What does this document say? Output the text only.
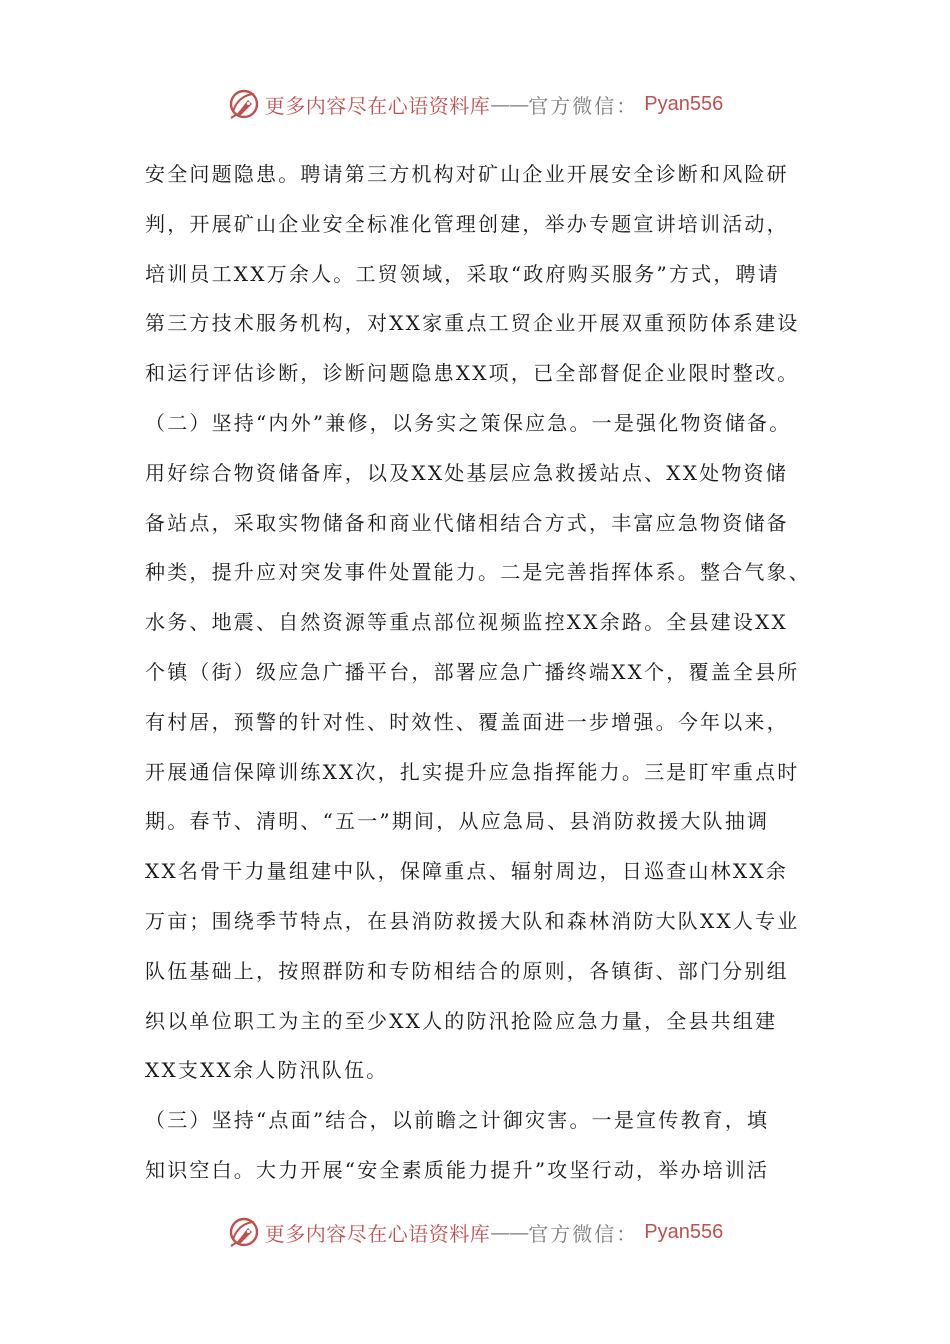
更多内容尽在心语资料库 —— 官方微信： Pyan556
安全问题隐患。聘请第三方机构对矿山企业开展安全诊断和风险研
判，开展矿山企业安全标准化管理创建，举办专题宣讲培训活动，
培训员工XX万余人。工贸领域，采取“政府购买服务”方式，聘请
第三方技术服务机构，对XX家重点工贸企业开展双重预防体系建设
和运行评估诊断，诊断问题隐患XX项，已全部督促企业限时整改。
（二）坚持“内外”兼修，以务实之策保应急。一是强化物资储备。
用好综合物资储备库，以及XX处基层应急救援站点、XX处物资储
备站点，采取实物储备和商业代储相结合方式，丰富应急物资储备
种类，提升应对突发事件处置能力。二是完善指挥体系。整合气象、
水务、地震、自然资源等重点部位视频监控XX余路。全县建设XX
个镇（街）级应急广播平台，部署应急广播终端XX个，覆盖全县所
有村居，预警的针对性、时效性、覆盖面进一步增强。今年以来，
开展通信保障训练XX次，扎实提升应急指挥能力。三是盯牢重点时
期。春节、清明、“五一”期间，从应急局、县消防救援大队抽调
XX名骨干力量组建中队，保障重点、辐射周边，日巡查山林XX余
万亩；围绕季节特点，在县消防救援大队和森林消防大队XX人专业
队伍基础上，按照群防和专防相结合的原则，各镇街、部门分别组
织以单位职工为主的至少XX人的防汛抢险应急力量，全县共组建
XX支XX余人防汛队伍。
（三）坚持“点面”结合，以前瞻之计御灾害。一是宣传教育，填
知识空白。大力开展“安全素质能力提升”攻坚行动，举办培训活
更多内容尽在心语资料库 —— 官方微信： Pyan556
